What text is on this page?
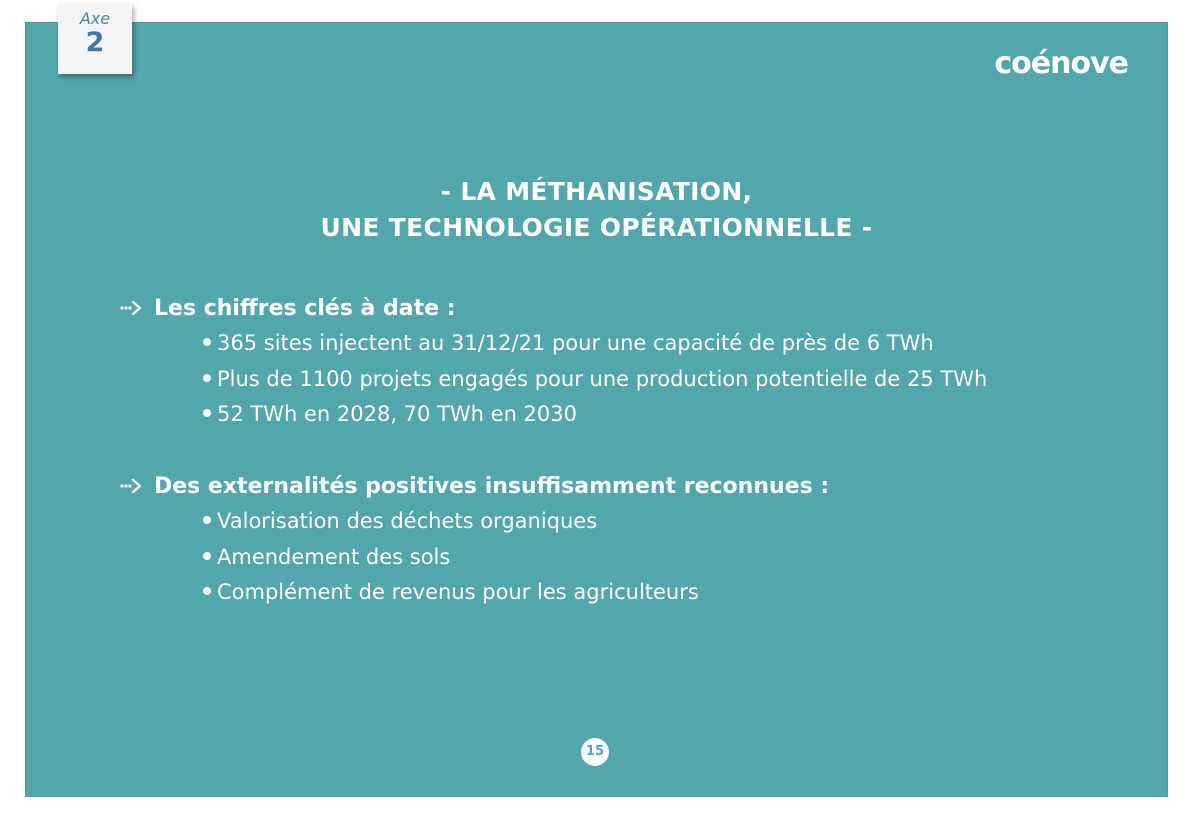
coénove
- LA MÉTHANISATION,
UNE TECHNOLOGIE OPÉRATIONNELLE -
Les chiffres clés à date :
365 sites injectent au 31/12/21 pour une capacité de près de 6 TWh
Plus de 1100 projets engagés pour une production potentielle de 25 TWh
52 TWh en 2028, 70 TWh en 2030
Des externalités positives insuffisamment reconnues :
Valorisation des déchets organiques
Amendement des sols
Complément de revenus pour les agriculteurs
15
Axe
2
